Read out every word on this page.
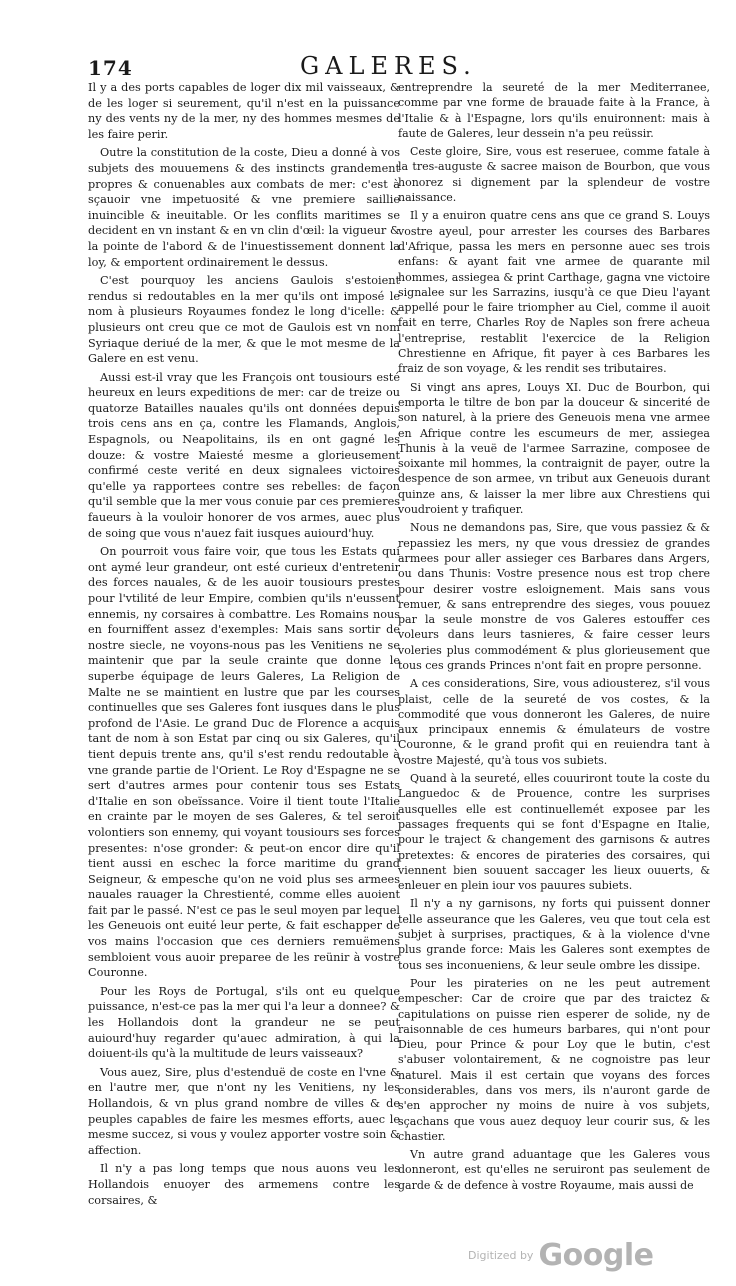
174	GALERES.

Il y a des ports capables de loger dix mil vaisseaux, & de les loger si seurement, qu'il n'est en la puissance ny des vents ny de la mer, ny des hommes mesmes de les faire perir.

Outre la constitution de la coste, Dieu a donné à vos subjets des mouuemens & des instincts grandement propres & conuenables aux combats de mer: c'est à sçauoir vne impetuosité & vne premiere saillie inuincible & ineuitable. Or les conflits maritimes se decident en vn instant & en vn clin d'œil: la vigueur & la pointe de l'abord & de l'inuestissement donnent la loy, & emportent ordinairement le dessus.

C'est pourquoy les anciens Gaulois s'estoient rendus si redoutables en la mer qu'ils ont imposé le nom à plusieurs Royaumes fondez le long d'icelle: & plusieurs ont creu que ce mot de Gaulois est vn nom Syriaque deriué de la mer, & que le mot mesme de la Galere en est venu.

Aussi est-il vray que les François ont tousiours esté heureux en leurs expeditions de mer: car de treize ou quatorze Batailles nauales qu'ils ont données depuis trois cens ans en ça, contre les Flamands, Anglois, Espagnols, ou Neapolitains, ils en ont gagné les douze: & vostre Maiesté mesme a glorieusement confirmé ceste verité en deux signalees victoires qu'elle ya rapportees contre ses rebelles: de façon qu'il semble que la mer vous conuie par ces premieres faueurs à la vouloir honorer de vos armes, auec plus de soing que vous n'auez fait iusques auiourd'huy.

On pourroit vous faire voir, que tous les Estats qui ont aymé leur grandeur, ont esté curieux d'entretenir des forces nauales, & de les auoir tousiours prestes pour l'vtilité de leur Empire, combien qu'ils n'eussent ennemis, ny corsaires à combattre. Les Romains nous en fourniffent assez d'exemples: Mais sans sortir de nostre siecle, ne voyons-nous pas les Venitiens ne se maintenir que par la seule crainte que donne le superbe équipage de leurs Galeres, La Religion de Malte ne se maintient en lustre que par les courses continuelles que ses Galeres font iusques dans le plus profond de l'Asie. Le grand Duc de Florence a acquis tant de nom à son Estat par cinq ou six Galeres, qu'il tient depuis trente ans, qu'il s'est rendu redoutable à vne grande partie de l'Orient. Le Roy d'Espagne ne se sert d'autres armes pour contenir tous ses Estats d'Italie en son obeïssance. Voire il tient toute l'Italie en crainte par le moyen de ses Galeres, & tel seroit volontiers son ennemy, qui voyant tousiours ses forces presentes: n'ose gronder: & peut-on encor dire qu'il tient aussi en eschec la force maritime du grand Seigneur, & empesche qu'on ne void plus ses armees nauales rauager la Chrestienté, comme elles auoient fait par le passé. N'est ce pas le seul moyen par lequel les Geneuois ont euité leur perte, & fait eschapper de vos mains l'occasion que ces derniers remuëmens sembloient vous auoir preparee de les reünir à vostre Couronne.

Pour les Roys de Portugal, s'ils ont eu quelque puissance, n'est-ce pas la mer qui l'a leur a donnee? & les Hollandois dont la grandeur ne se peut auiourd'huy regarder qu'auec admiration, à qui la doiuent-ils qu'à la multitude de leurs vaisseaux?

Vous auez, Sire, plus d'estenduë de coste en l'vne & en l'autre mer, que n'ont ny les Venitiens, ny les Hollandois, & vn plus grand nombre de villes & de peuples capables de faire les mesmes efforts, auec le mesme succez, si vous y voulez apporter vostre soin & affection.

Il n'y a pas long temps que nous auons veu les Hollandois enuoyer des armemens contre les corsaires, &

entreprendre la seureté de la mer Mediterranee, comme par vne forme de brauade faite à la France, à l'Italie & à l'Espagne, lors qu'ils enuironnent: mais à faute de Galeres, leur dessein n'a peu reüssir.

Ceste gloire, Sire, vous est reseruee, comme fatale à la tres-auguste & sacree maison de Bourbon, que vous honorez si dignement par la splendeur de vostre naissance.

Il y a enuiron quatre cens ans que ce grand S. Louys vostre ayeul, pour arrester les courses des Barbares d'Afrique, passa les mers en personne auec ses trois enfans: & ayant fait vne armee de quarante mil hommes, assiegea & print Carthage, gagna vne victoire signalee sur les Sarrazins, iusqu'à ce que Dieu l'ayant appellé pour le faire triompher au Ciel, comme il auoit fait en terre, Charles Roy de Naples son frere acheua l'entreprise, restablit l'exercice de la Religion Chrestienne en Afrique, fit payer à ces Barbares les fraiz de son voyage, & les rendit ses tributaires.

Si vingt ans apres, Louys XI. Duc de Bourbon, qui emporta le tiltre de bon par la douceur & sincerité de son naturel, à la priere des Geneuois mena vne armee en Afrique contre les escumeurs de mer, assiegea Thunis à la veuë de l'armee Sarrazine, composee de soixante mil hommes, la contraignit de payer, outre la despence de son armee, vn tribut aux Geneuois durant quinze ans, & laisser la mer libre aux Chrestiens qui voudroient y trafiquer.

Nous ne demandons pas, Sire, que vous passiez & & repassiez les mers, ny que vous dressiez de grandes armees pour aller assieger ces Barbares dans Argers, ou dans Thunis: Vostre presence nous est trop chere pour desirer vostre esloignement. Mais sans vous remuer, & sans entreprendre des sieges, vous pouuez par la seule monstre de vos Galeres estouffer ces voleurs dans leurs tasnieres, & faire cesser leurs voleries plus commodément & plus glorieusement que tous ces grands Princes n'ont fait en propre personne.

A ces considerations, Sire, vous adiousterez, s'il vous plaist, celle de la seureté de vos costes, & la commodité que vous donneront les Galeres, de nuire aux principaux ennemis & émulateurs de vostre Couronne, & le grand profit qui en reuiendra tant à vostre Majesté, qu'à tous vos subiets.

Quand à la seureté, elles couuriront toute la coste du Languedoc & de Prouence, contre les surprises ausquelles elle est continuellemét exposee par les passages frequents qui se font d'Espagne en Italie, pour le traject & changement des garnisons & autres pretextes: & encores de pirateries des corsaires, qui viennent bien souuent saccager les lieux ouuerts, & enleuer en plein iour vos pauures subiets.

Il n'y a ny garnisons, ny forts qui puissent donner telle asseurance que les Galeres, veu que tout cela est subjet à surprises, practiques, & à la violence d'vne plus grande force: Mais les Galeres sont exemptes de tous ses inconueniens, & leur seule ombre les dissipe.

Pour les pirateries on ne les peut autrement empescher: Car de croire que par des traictez & capitulations on puisse rien esperer de solide, ny de raisonnable de ces humeurs barbares, qui n'ont pour Dieu, pour Prince & pour Loy que le butin, c'est s'abuser volontairement, & ne cognoistre pas leur naturel. Mais il est certain que voyans des forces considerables, dans vos mers, ils n'auront garde de s'en approcher ny moins de nuire à vos subjets, sçachans que vous auez dequoy leur courir sus, & les chastier.

Vn autre grand aduantage que les Galeres vous donneront, est qu'elles ne seruiront pas seulement de garde & de defence à vostre Royaume, mais aussi de

Digitized by Google
